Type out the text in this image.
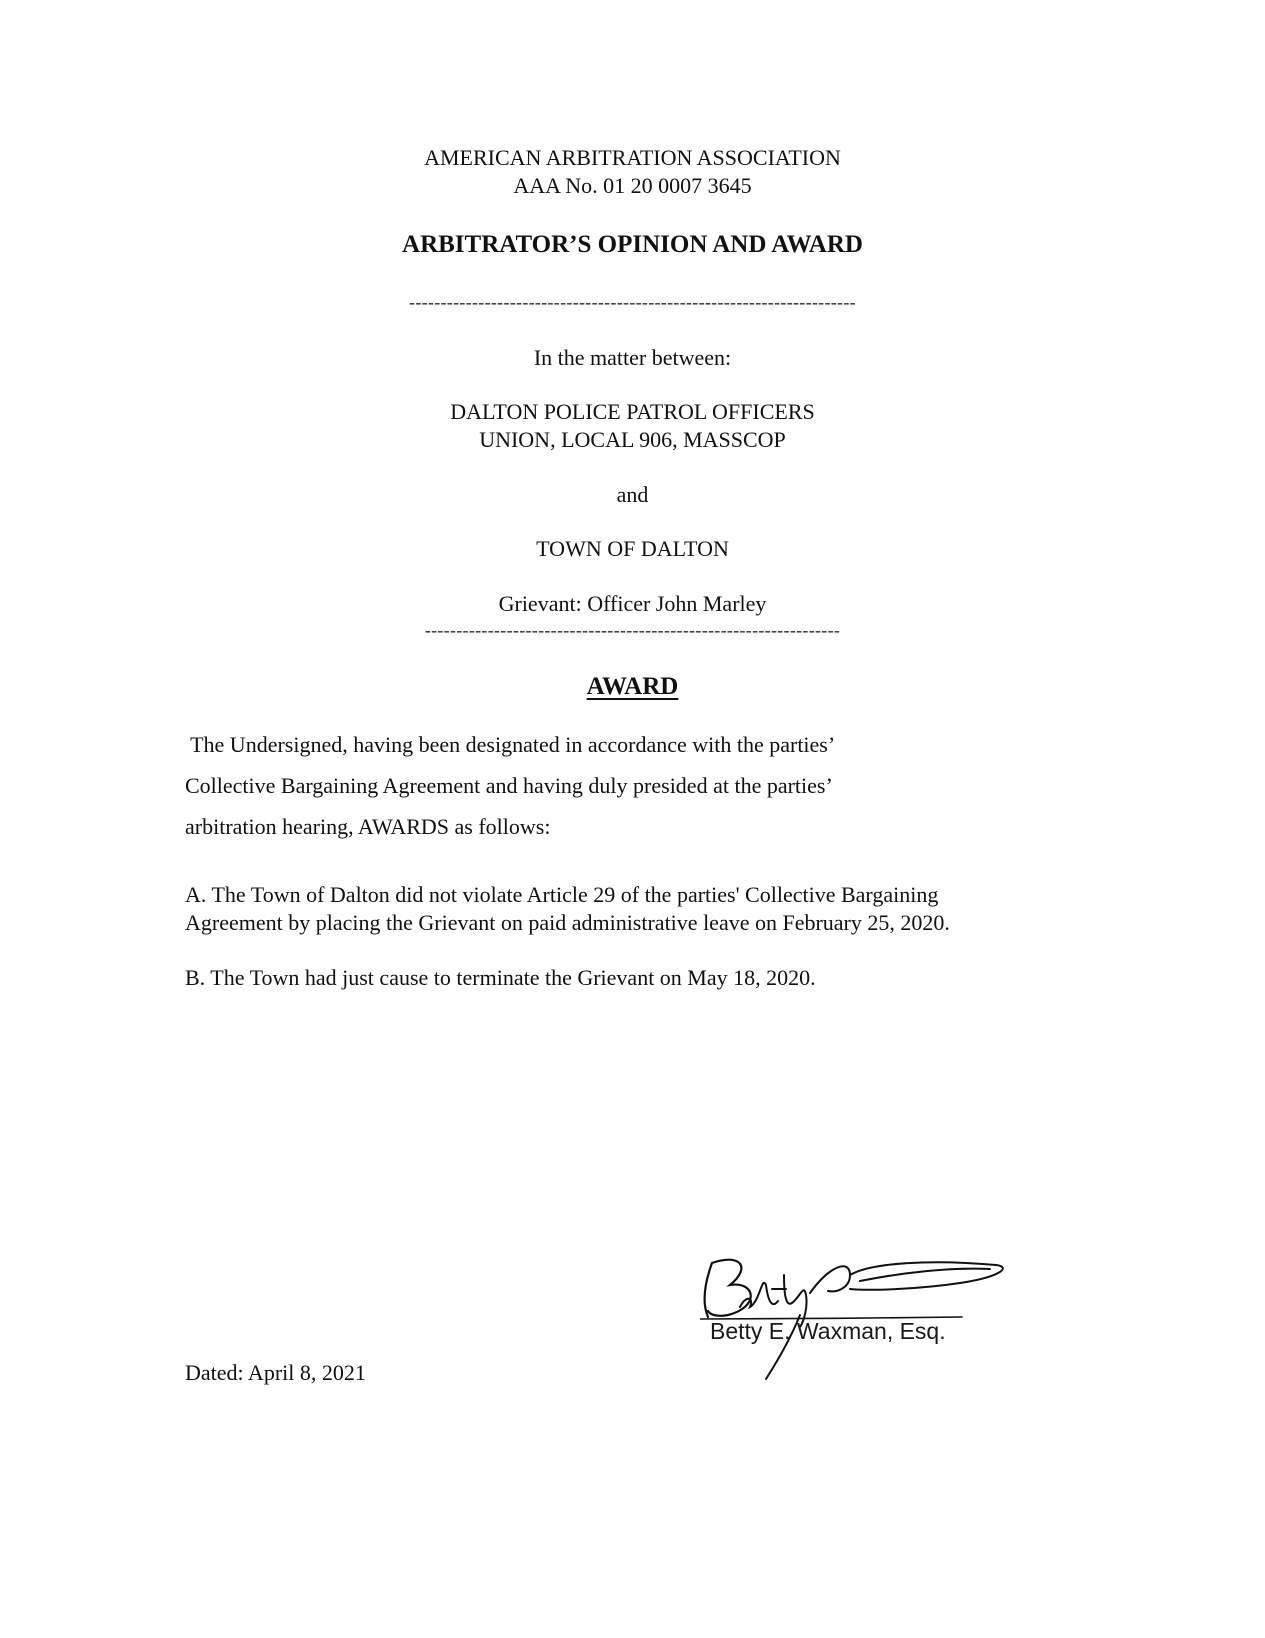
AMERICAN ARBITRATION ASSOCIATION
AAA No. 01 20 0007 3645
ARBITRATOR’S OPINION AND AWARD
-----------------------------------------------------------------------
In the matter between:
DALTON POLICE PATROL OFFICERS
UNION, LOCAL 906, MASSCOP
and
TOWN OF DALTON
Grievant: Officer John Marley
------------------------------------------------------------------
AWARD
The Undersigned, having been designated in accordance with the parties’
Collective Bargaining Agreement and having duly presided at the parties’
arbitration hearing, AWARDS as follows:
A. The Town of Dalton did not violate Article 29 of the parties' Collective Bargaining
Agreement by placing the Grievant on paid administrative leave on February 25, 2020.
B. The Town had just cause to terminate the Grievant on May 18, 2020.
Betty E. Waxman, Esq.
Dated: April 8, 2021
